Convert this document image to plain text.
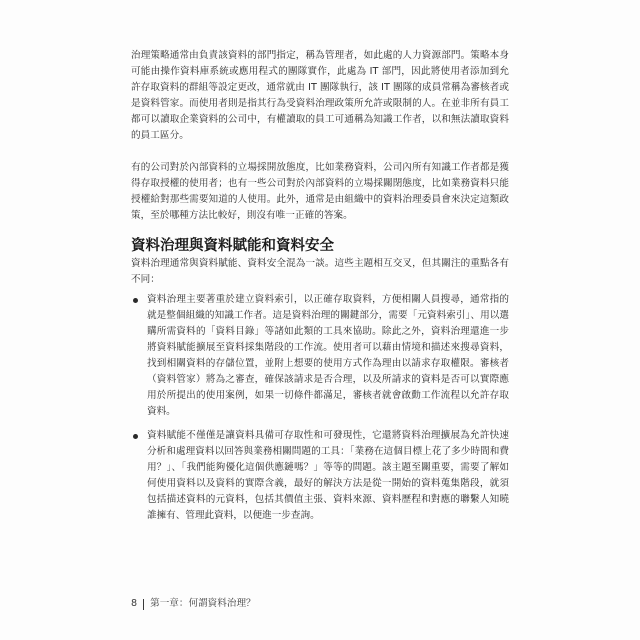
治理策略通常由負責該資料的部門指定，稱為管理者，如此處的人力資源部門。策略本身可能由操作資料庫系統或應用程式的團隊實作，此處為 IT 部門，因此將使用者添加到允許存取資料的群組等設定更改，通常就由 IT 團隊執行，該 IT 團隊的成員常稱為審核者或是資料管家。而使用者則是指其行為受資料治理政策所允許或限制的人。在並非所有員工都可以讀取企業資料的公司中，有權讀取的員工可通稱為知識工作者，以和無法讀取資料的員工區分。

有的公司對於內部資料的立場採開放態度，比如業務資料，公司內所有知識工作者都是獲得存取授權的使用者；也有一些公司對於內部資料的立場採關閉態度，比如業務資料只能授權給對那些需要知道的人使用。此外，通常是由組織中的資料治理委員會來決定這類政策，至於哪種方法比較好，則沒有唯一正確的答案。

資料治理與資料賦能和資料安全

資料治理通常與資料賦能、資料安全混為一談。這些主題相互交叉，但其關注的重點各有不同：

資料治理主要著重於建立資料索引，以正確存取資料，方便相關人員搜尋，通常指的就是整個組織的知識工作者。這是資料治理的關鍵部分，需要「元資料索引」、用以選購所需資料的「資料目錄」等諸如此類的工具來協助。除此之外，資料治理還進一步將資料賦能擴展至資料採集階段的工作流。使用者可以藉由情境和描述來搜尋資料，找到相關資料的存儲位置，並附上想要的使用方式作為理由以請求存取權限。審核者（資料管家）將為之審查，確保該請求是否合理，以及所請求的資料是否可以實際應用於所提出的使用案例，如果一切條件都滿足，審核者就會啟動工作流程以允許存取資料。
資料賦能不僅僅是讓資料具備可存取性和可發現性，它還將資料治理擴展為允許快速分析和處理資料以回答與業務相關問題的工具：「業務在這個目標上花了多少時間和費用？」、「我們能夠優化這個供應鏈嗎？」等等的問題。該主題至關重要，需要了解如何使用資料以及資料的實際含義，最好的解決方法是從一開始的資料蒐集階段，就須包括描述資料的元資料，包括其價值主張、資料來源、資料歷程和對應的聯繫人知曉誰擁有、管理此資料，以便進一步查詢。
8 第一章：何謂資料治理？
